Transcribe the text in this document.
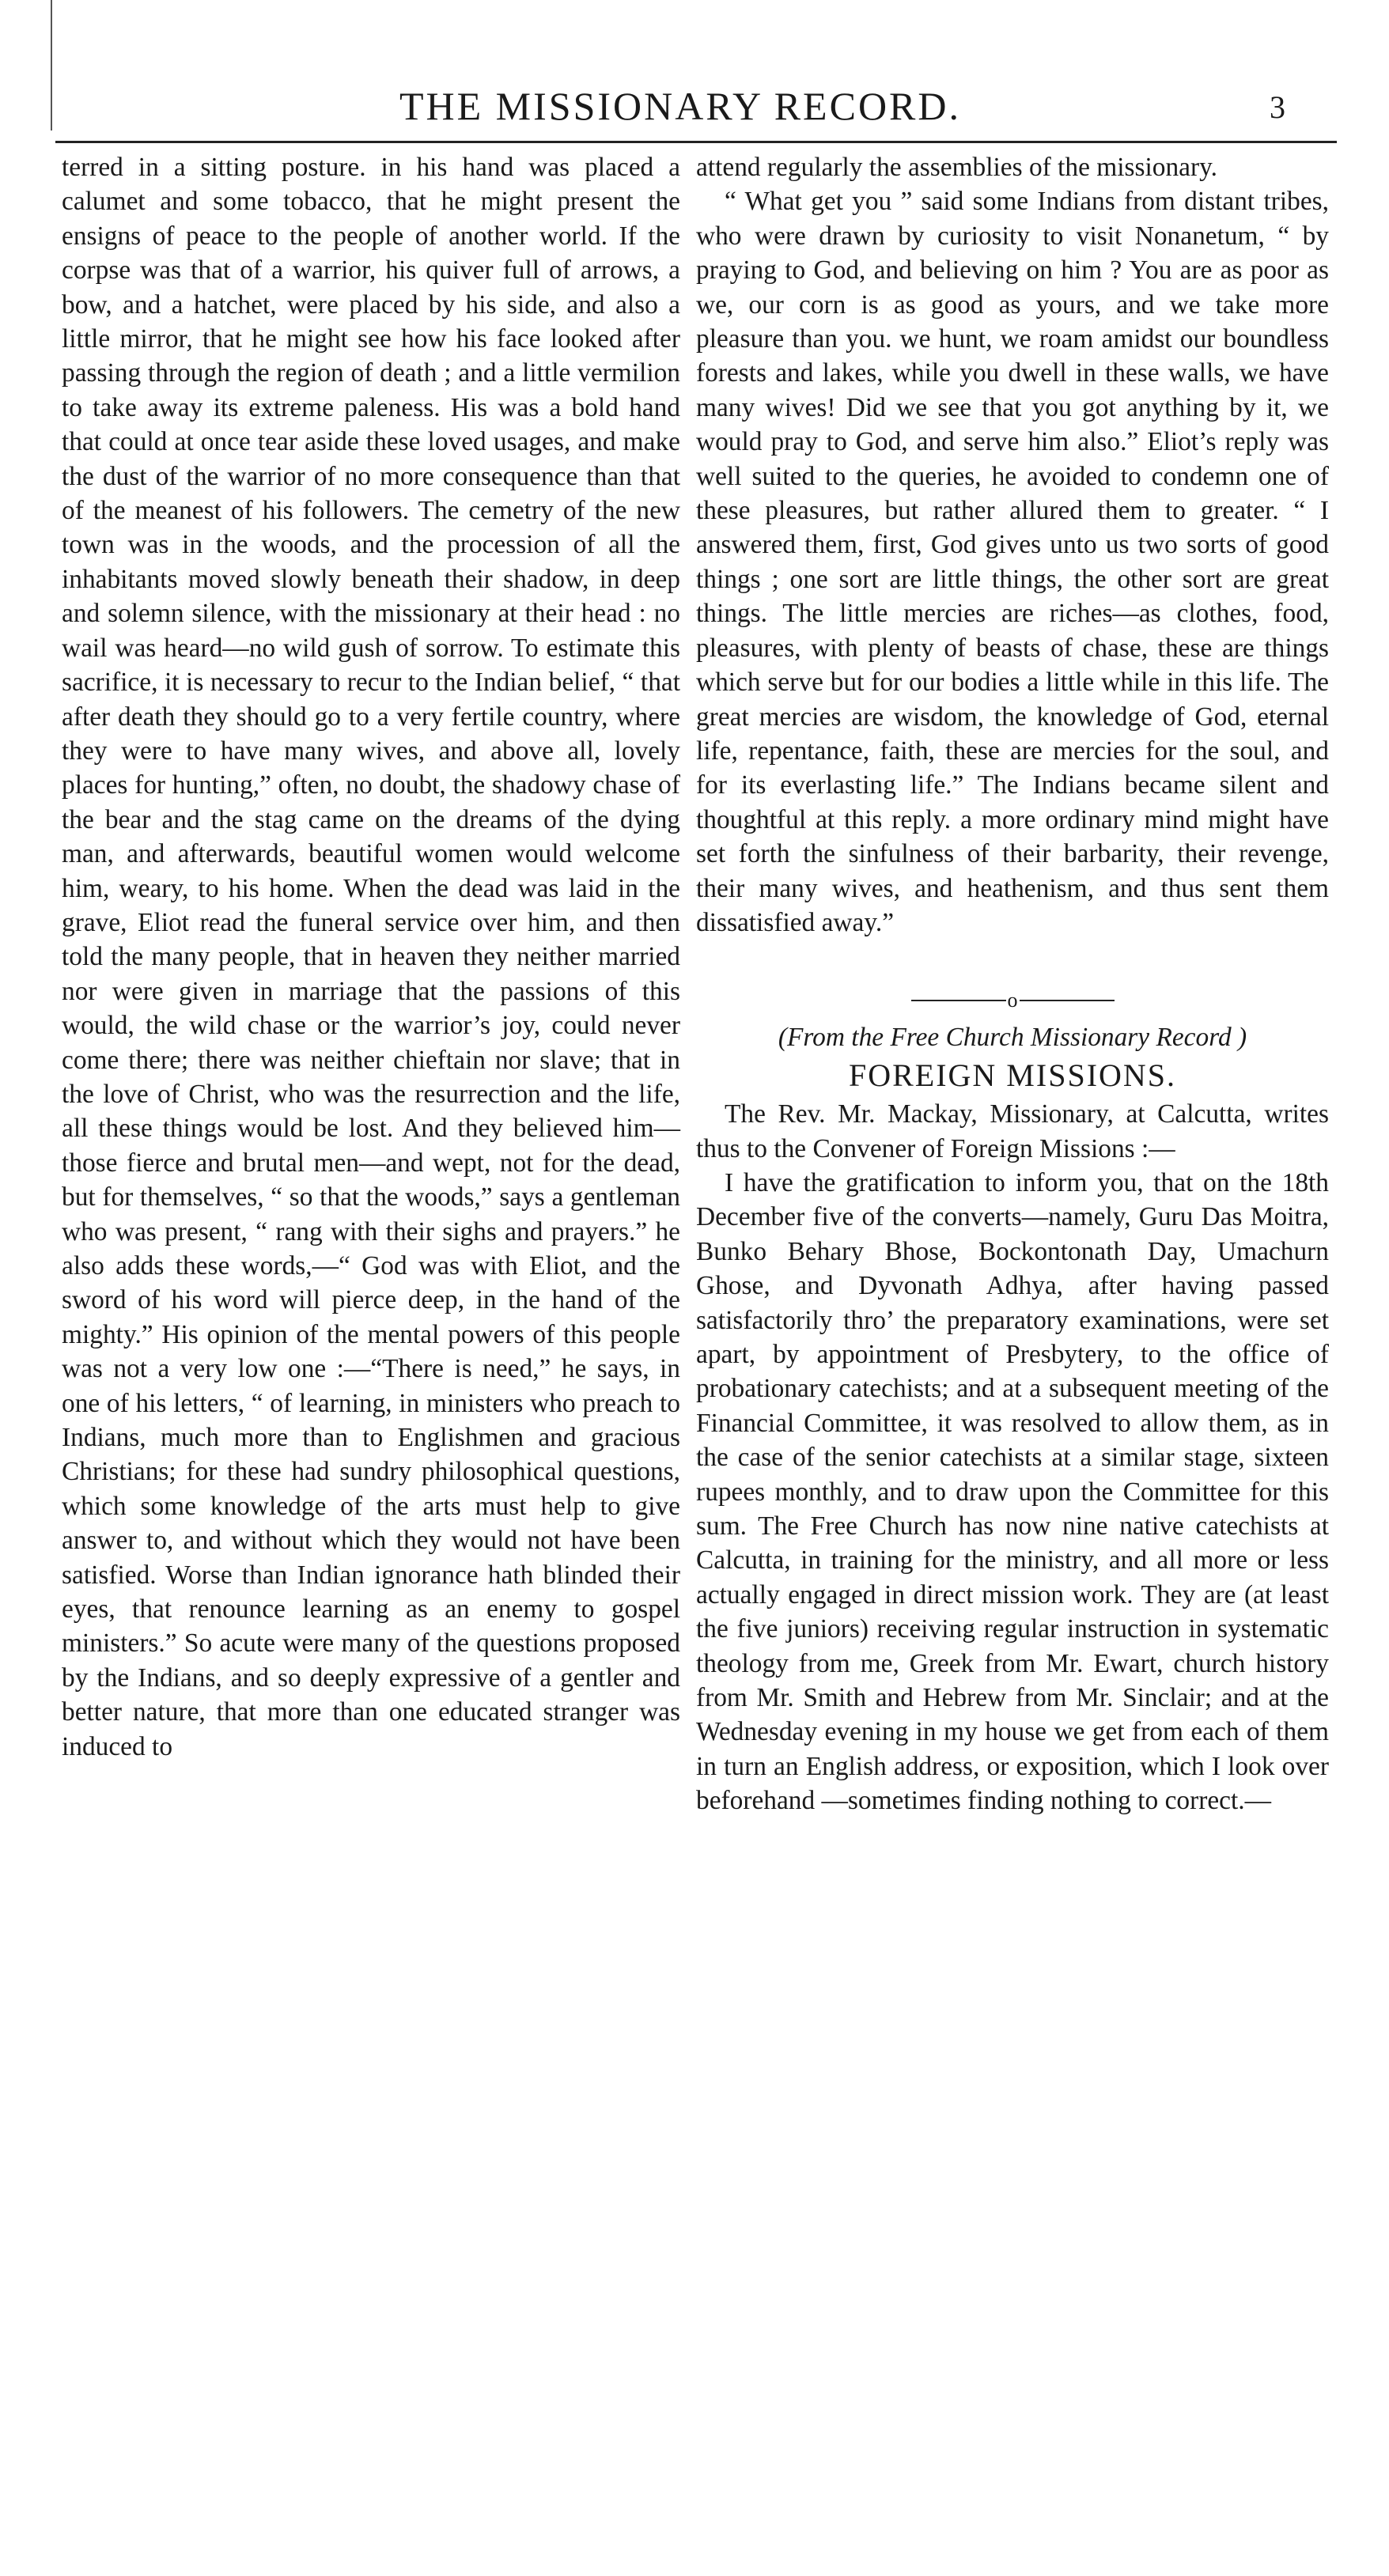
THE MISSIONARY RECORD.	3

terred in a sitting posture. in his hand was placed a calumet and some tobacco, that he might present the ensigns of peace to the people of another world. If the corpse was that of a warrior, his quiver full of arrows, a bow, and a hatchet, were placed by his side, and also a little mirror, that he might see how his face looked after passing through the region of death ; and a little vermilion to take away its extreme paleness. His was a bold hand that could at once tear aside these loved usages, and make the dust of the warrior of no more consequence than that of the meanest of his followers. The cemetry of the new town was in the woods, and the procession of all the inhabitants moved slowly beneath their shadow, in deep and solemn silence, with the missionary at their head : no wail was heard—no wild gush of sorrow. To estimate this sacrifice, it is necessary to recur to the Indian belief, “ that after death they should go to a very fertile country, where they were to have many wives, and above all, lovely places for hunting,” often, no doubt, the shadowy chase of the bear and the stag came on the dreams of the dying man, and afterwards, beautiful women would welcome him, weary, to his home. When the dead was laid in the grave, Eliot read the funeral service over him, and then told the many people, that in heaven they neither married nor were given in marriage that the passions of this would, the wild chase or the warrior’s joy, could never come there; there was neither chieftain nor slave; that in the love of Christ, who was the resurrection and the life, all these things would be lost. And they believed him—those fierce and brutal men—and wept, not for the dead, but for themselves, “ so that the woods,” says a gentleman who was present, “ rang with their sighs and prayers.” he also adds these words,—“ God was with Eliot, and the sword of his word will pierce deep, in the hand of the mighty.” His opinion of the mental powers of this people was not a very low one :—“There is need,” he says, in one of his letters, “ of learning, in ministers who preach to Indians, much more than to Englishmen and gracious Christians; for these had sundry philosophical questions, which some knowledge of the arts must help to give answer to, and without which they would not have been satisfied. Worse than Indian ignorance hath blinded their eyes, that renounce learning as an enemy to gospel ministers.” So acute were many of the questions proposed by the Indians, and so deeply expressive of a gentler and better nature, that more than one educated stranger was induced to

attend regularly the assemblies of the missionary.

“ What get you ” said some Indians from distant tribes, who were drawn by curiosity to visit Nonanetum, “ by praying to God, and believing on him ? You are as poor as we, our corn is as good as yours, and we take more pleasure than you. we hunt, we roam amidst our boundless forests and lakes, while you dwell in these walls, we have many wives! Did we see that you got anything by it, we would pray to God, and serve him also.” Eliot’s reply was well suited to the queries, he avoided to condemn one of these pleasures, but rather allured them to greater. “ I answered them, first, God gives unto us two sorts of good things ; one sort are little things, the other sort are great things. The little mercies are riches—as clothes, food, pleasures, with plenty of beasts of chase, these are things which serve but for our bodies a little while in this life. The great mercies are wisdom, the knowledge of God, eternal life, repentance, faith, these are mercies for the soul, and for its everlasting life.” The Indians became silent and thoughtful at this reply. a more ordinary mind might have set forth the sinfulness of their barbarity, their revenge, their many wives, and heathenism, and thus sent them dissatisfied away.”

o

(From the Free Church Missionary Record )

FOREIGN MISSIONS.

The Rev. Mr. Mackay, Missionary, at Calcutta, writes thus to the Convener of Foreign Missions :—

I have the gratification to inform you, that on the 18th December five of the converts—namely, Guru Das Moitra, Bunko Behary Bhose, Bockontonath Day, Umachurn Ghose, and Dyvonath Adhya, after having passed satisfactorily thro’ the preparatory examinations, were set apart, by appointment of Presbytery, to the office of probationary catechists; and at a subsequent meeting of the Financial Committee, it was resolved to allow them, as in the case of the senior catechists at a similar stage, sixteen rupees monthly, and to draw upon the Committee for this sum. The Free Church has now nine native catechists at Calcutta, in training for the ministry, and all more or less actually engaged in direct mission work. They are (at least the five juniors) receiving regular instruction in systematic theology from me, Greek from Mr. Ewart, church history from Mr. Smith and Hebrew from Mr. Sinclair; and at the Wednesday evening in my house we get from each of them in turn an English address, or exposition, which I look over beforehand —sometimes finding nothing to correct.—
